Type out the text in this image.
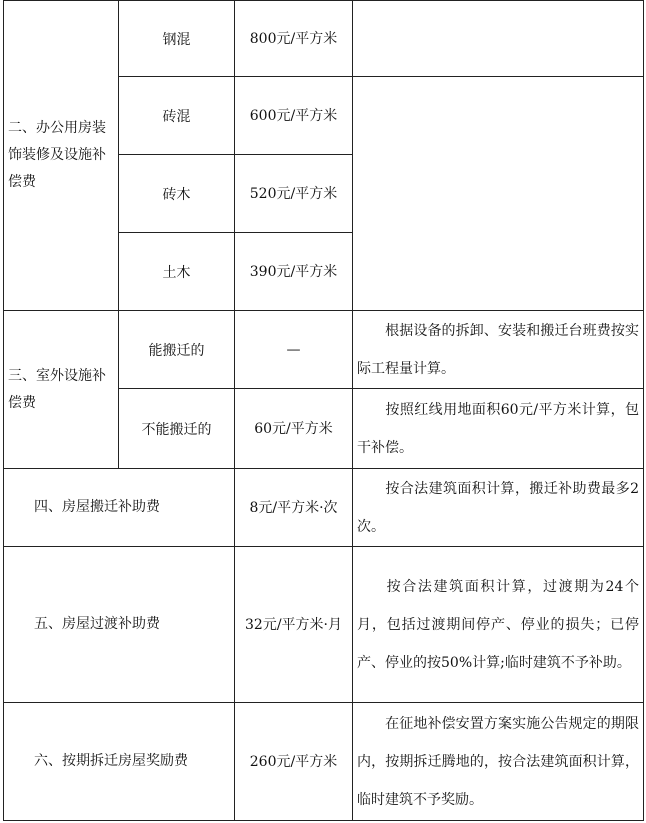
二、办公用房装饰装修及设施补偿费	钢混	800元/平方米	
	砖混	600元/平方米	
	砖木	520元/平方米	
	土木	390元/平方米	
三、室外设施补偿费	能搬迁的	—	根据设备的拆卸、安装和搬迁台班费按实际工程量计算。
	不能搬迁的	60元/平方米	按照红线用地面积60元/平方米计算，包干补偿。
四、房屋搬迁补助费		8元/平方米·次	按合法建筑面积计算，搬迁补助费最多2次。
五、房屋过渡补助费		32元/平方米·月	按合法建筑面积计算，过渡期为24个月，包括过渡期间停产、停业的损失；已停产、停业的按50%计算;临时建筑不予补助。
六、按期拆迁房屋奖励费		260元/平方米	在征地补偿安置方案实施公告规定的期限内，按期拆迁腾地的，按合法建筑面积计算，临时建筑不予奖励。
